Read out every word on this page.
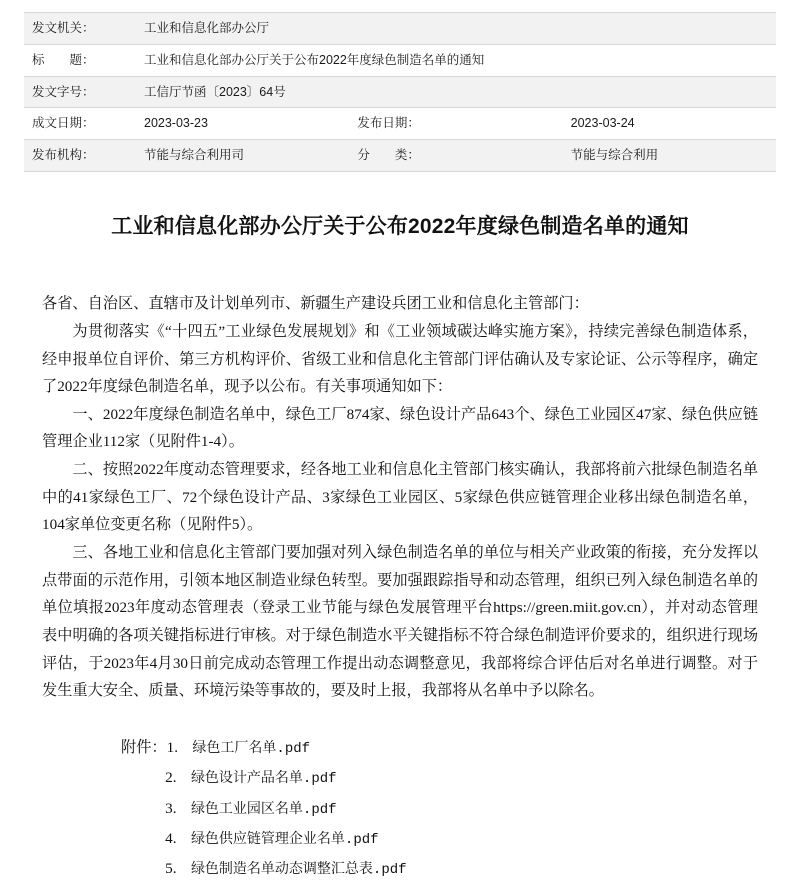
发文机关：	工业和信息化部办公厅		
标　　题：	工业和信息化部办公厅关于公布2022年度绿色制造名单的通知		
发文字号：	工信厅节函〔2023〕64号		
成文日期：	2023-03-23	发布日期：	2023-03-24
发布机构：	节能与综合利用司	分　　类：	节能与综合利用
工业和信息化部办公厅关于公布2022年度绿色制造名单的通知

各省、自治区、直辖市及计划单列市、新疆生产建设兵团工业和信息化主管部门：

为贯彻落实《“十四五”工业绿色发展规划》和《工业领域碳达峰实施方案》，持续完善绿色制造体系，经申报单位自评价、第三方机构评价、省级工业和信息化主管部门评估确认及专家论证、公示等程序，确定了2022年度绿色制造名单，现予以公布。有关事项通知如下：

一、2022年度绿色制造名单中，绿色工厂874家、绿色设计产品643个、绿色工业园区47家、绿色供应链管理企业112家（见附件1-4）。

二、按照2022年度动态管理要求，经各地工业和信息化主管部门核实确认，我部将前六批绿色制造名单中的41家绿色工厂、72个绿色设计产品、3家绿色工业园区、5家绿色供应链管理企业移出绿色制造名单，104家单位变更名称（见附件5）。

三、各地工业和信息化主管部门要加强对列入绿色制造名单的单位与相关产业政策的衔接，充分发挥以点带面的示范作用，引领本地区制造业绿色转型。要加强跟踪指导和动态管理，组织已列入绿色制造名单的单位填报2023年度动态管理表（登录工业节能与绿色发展管理平台https://green.miit.gov.cn），并对动态管理表中明确的各项关键指标进行审核。对于绿色制造水平关键指标不符合绿色制造评价要求的，组织进行现场评估，于2023年4月30日前完成动态管理工作提出动态调整意见，我部将综合评估后对名单进行调整。对于发生重大安全、质量、环境污染等事故的，要及时上报，我部将从名单中予以除名。

附件：1. 绿色工厂名单.pdf
2. 绿色设计产品名单.pdf
3. 绿色工业园区名单.pdf
4. 绿色供应链管理企业名单.pdf
5. 绿色制造名单动态调整汇总表.pdf
